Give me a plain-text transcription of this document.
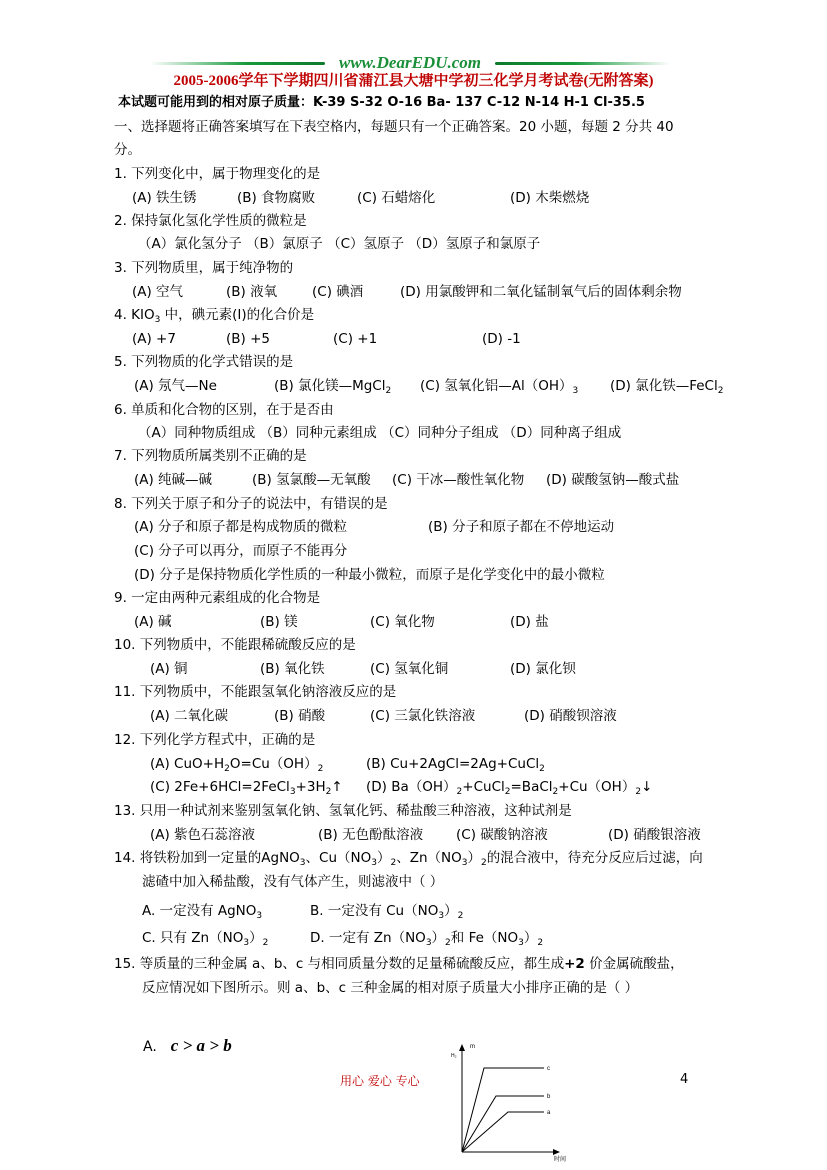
www.DearEDU.com
2005-2006学年下学期四川省蒲江县大塘中学初三化学月考试卷(无附答案)
本试题可能用到的相对原子质量：K-39 S-32 O-16 Ba- 137 C-12 N-14 H-1 Cl-35.5
一、选择题将正确答案填写在下表空格内，每题只有一个正确答案。20 小题，每题 2 分共 40
分。
1. 下列变化中，属于物理变化的是
(A) 铁生锈	(B) 食物腐败	(C) 石蜡熔化	(D) 木柴燃烧
2. 保持氯化氢化学性质的微粒是
（A）氯化氢分子 （B）氯原子 （C）氢原子 （D）氢原子和氯原子
3. 下列物质里，属于纯净物的
(A) 空气	(B) 液氧	(C) 碘酒	(D) 用氯酸钾和二氧化锰制氧气后的固体剩余物
4. $KIO_3$ 中，碘元素(I)的化合价是
(A) +7	(B) +5	(C) +1	(D) -1
5. 下列物质的化学式错误的是
(A) 氖气—Ne	(B) 氯化镁—MgCl$_2$ (C) 氢氧化铝$—Al(OH)_3$ (D) 氯化铁—FeCl$_2$
6. 单质和化合物的区别，在于是否由
（A）同种物质组成 （B）同种元素组成 （C）同种分子组成 （D）同种离子组成
7. 下列物质所属类别不正确的是
(A) 纯碱—碱	(B) 氢氯酸—无氧酸 (C) 干冰—酸性氧化物 (D) 碳酸氢钠—酸式盐
8. 下列关于原子和分子的说法中，有错误的是
(A) 分子和原子都是构成物质的微粒	(B) 分子和原子都在不停地运动
(C) 分子可以再分，而原子不能再分
(D) 分子是保持物质化学性质的一种最小微粒，而原子是化学变化中的最小微粒
9. 一定由两种元素组成的化合物是
(A) 碱	(B) 镁	(C) 氧化物	(D) 盐
10. 下列物质中，不能跟稀硫酸反应的是
(A) 铜	(B) 氧化铁	(C) 氢氧化铜	(D) 氯化钡
11. 下列物质中，不能跟氢氧化钠溶液反应的是
(A) 二氧化碳	(B) 硝酸	(C) 三氯化铁溶液	(D) 硝酸钡溶液
12. 下列化学方程式中，正确的是
(A) $CuO+H_2O=Cu(OH)_2$	(B) Cu+2AgCl=2Ag+CuCl$_2$
(C) $2Fe+6HCl=2FeCl_3+3H_2↑$ (D) $Ba(OH)_2+CuCl_2=BaCl_2+Cu(OH)_2↓$
13. 只用一种试剂来鉴别氢氧化钠、氢氧化钙、稀盐酸三种溶液，这种试剂是
(A) 紫色石蕊溶液	(B) 无色酚酞溶液 (C) 碳酸钠溶液	(D) 硝酸银溶液
14. 将铁粉加到一定量的AgNO$_3$、$Cu(NO_3)_2$、$Zn(NO_3)_2$的混合液中，待充分反应后过滤，向
滤碴中加入稀盐酸，没有气体产生，则滤液中（ ）
A. 一定没有 AgNO$_3$	B. 一定没有 $Cu(NO_3)_2$
C. 只有 $Zn(NO_3)_2$	D. 一定有 $Zn(NO_3)_2$和 $Fe(NO_3)_2$
15. 等质量的三种金属 a、b、c 与相同质量分数的足量稀硫酸反应，都生成+2 价金属硫酸盐，
反应情况如下图所示。则 a、b、c 三种金属的相对原子质量大小排序正确的是（ ）
A. c > a > b	m
H₂
时间
c
b
a
用心 爱心 专心	4
